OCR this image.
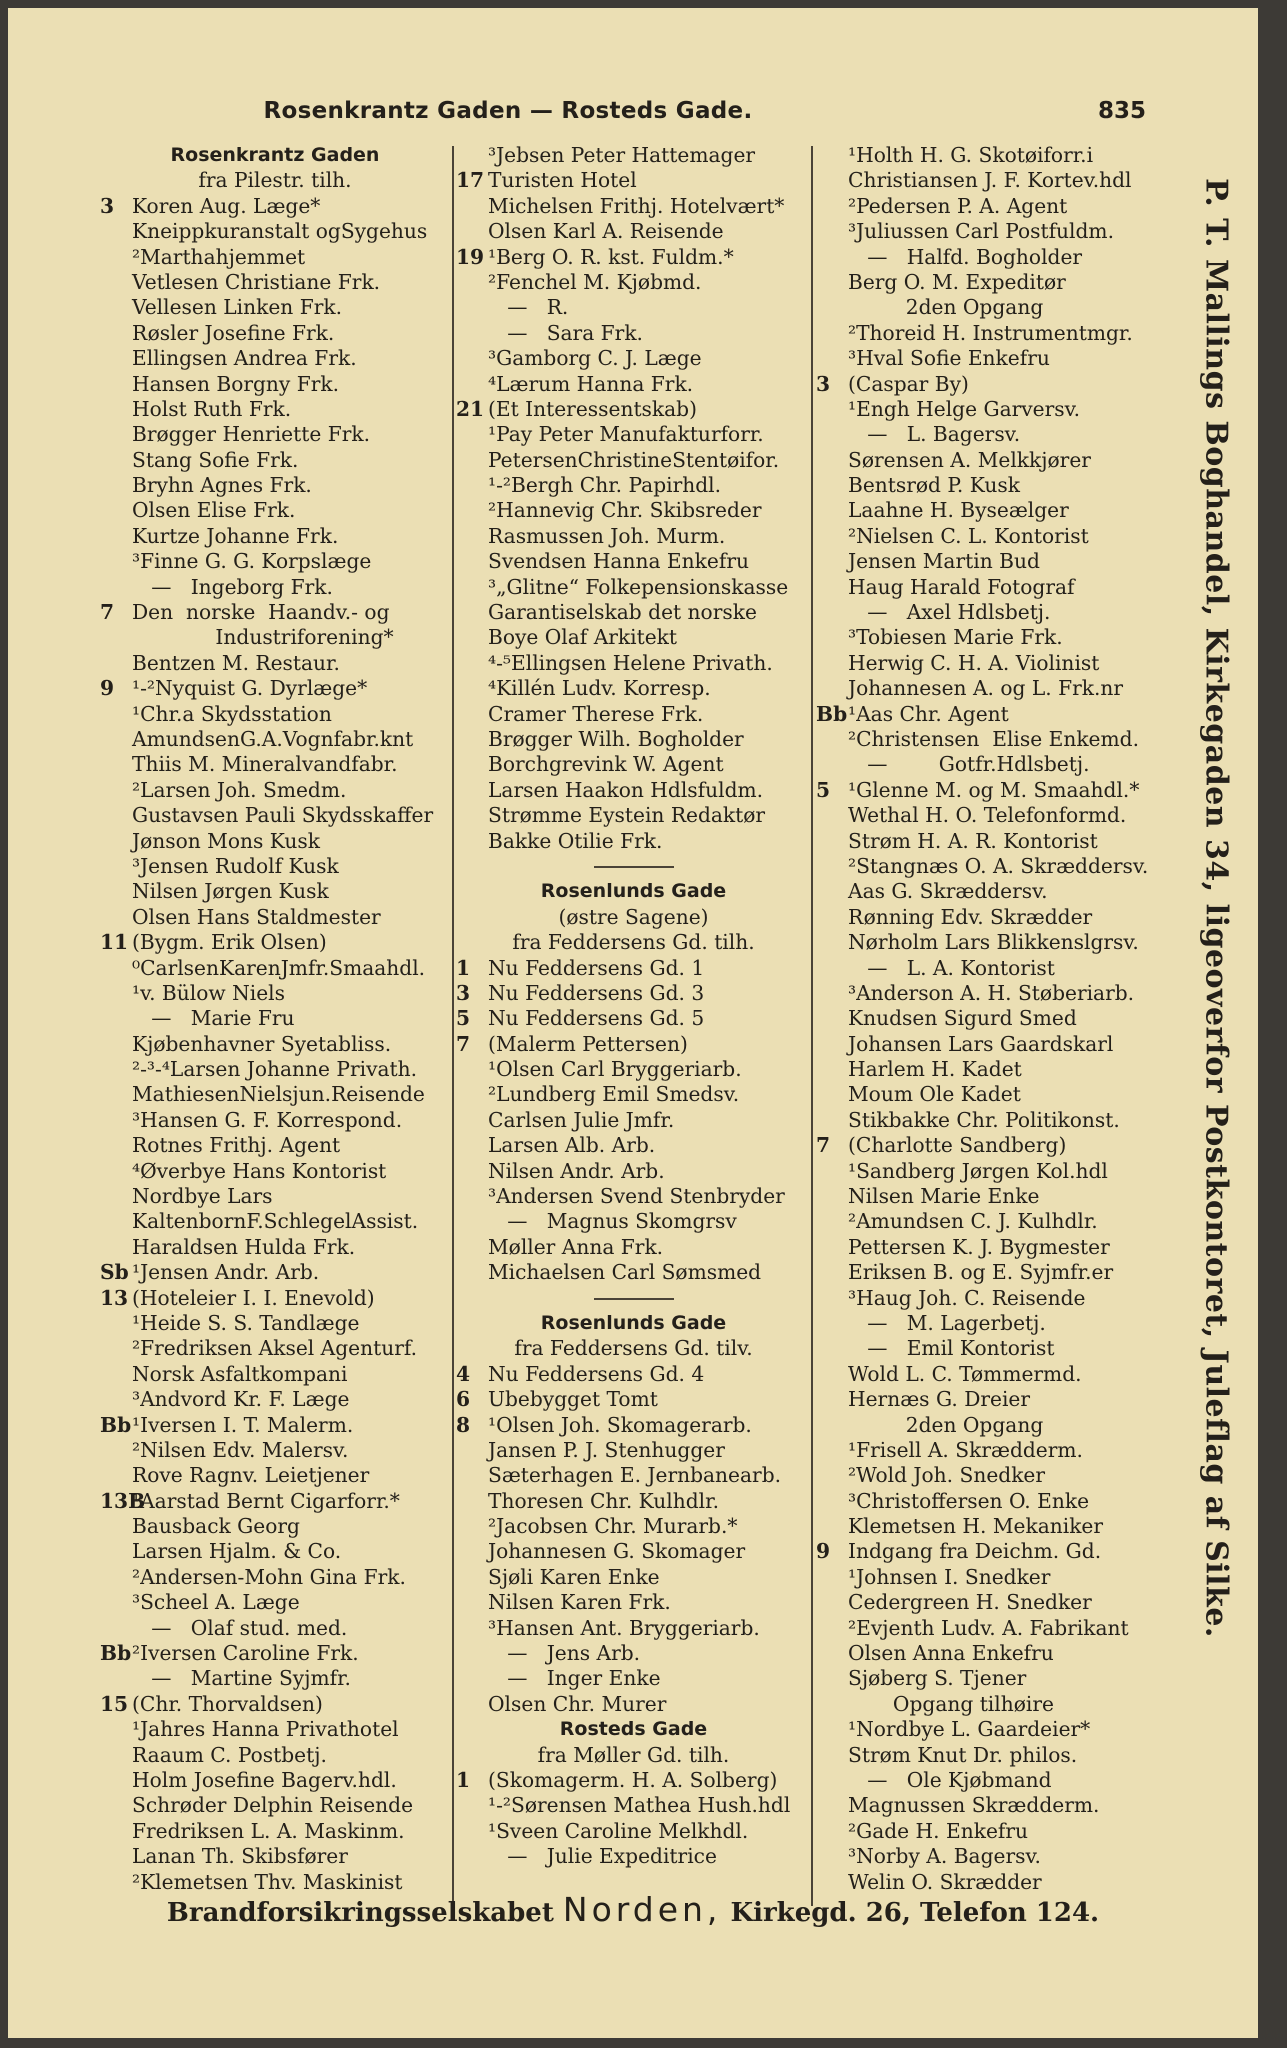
Rosenkrantz Gaden — Rosteds Gade.	835
Rosenkrantz Gaden
fra Pilestr. tilh.
3 Koren Aug. Læge*
Kneippkuranstalt ogSygehus
²Marthahjemmet
Vetlesen Christiane Frk.
Vellesen Linken Frk.
Røsler Josefine Frk.
Ellingsen Andrea Frk.
Hansen Borgny Frk.
Holst Ruth Frk.
Brøgger Henriette Frk.
Stang Sofie Frk.
Bryhn Agnes Frk.
Olsen Elise Frk.
Kurtze Johanne Frk.
³Finne G. G. Korpslæge
—   Ingeborg Frk.
7 Den  norske  Haandv.- og
Industriforening*
Bentzen M. Restaur.
9 ¹-²Nyquist G. Dyrlæge*
¹Chr.a Skydsstation
AmundsenG.A.Vognfabr.knt
Thiis M. Mineralvandfabr.
²Larsen Joh. Smedm.
Gustavsen Pauli Skydsskaffer
Jønson Mons Kusk
³Jensen Rudolf Kusk
Nilsen Jørgen Kusk
Olsen Hans Staldmester
11 (Bygm. Erik Olsen)
⁰CarlsenKarenJmfr.Smaahdl.
¹v. Bülow Niels
—   Marie Fru
Kjøbenhavner Syetabliss.
²-³-⁴Larsen Johanne Privath.
MathiesenNielsjun.Reisende
³Hansen G. F. Korrespond.
Rotnes Frithj. Agent
⁴Øverbye Hans Kontorist
Nordbye Lars
KaltenbornF.SchlegelAssist.
Haraldsen Hulda Frk.
Sb ¹Jensen Andr. Arb.
13 (Hoteleier I. I. Enevold)
¹Heide S. S. Tandlæge
²Fredriksen Aksel Agenturf.
Norsk Asfaltkompani
³Andvord Kr. F. Læge
Bb ¹Iversen I. T. Malerm.
²Nilsen Edv. Malersv.
Rove Ragnv. Leietjener
13B
¹Aarstad Bernt Cigarforr.*
Bausback Georg
Larsen Hjalm. & Co.
²Andersen-Mohn Gina Frk.
³Scheel A. Læge
—   Olaf stud. med.
Bb ²Iversen Caroline Frk.
—   Martine Syjmfr.
15 (Chr. Thorvaldsen)
¹Jahres Hanna Privathotel
Raaum C. Postbetj.
Holm Josefine Bagerv.hdl.
Schrøder Delphin Reisende
Fredriksen L. A. Maskinm.
Lanan Th. Skibsfører
²Klemetsen Thv. Maskinist
³Jebsen Peter Hattemager
17 Turisten Hotel
Michelsen Frithj. Hotelvært*
Olsen Karl A. Reisende
19 ¹Berg O. R. kst. Fuldm.*
²Fenchel M. Kjøbmd.
—   R.
—   Sara Frk.
³Gamborg C. J. Læge
⁴Lærum Hanna Frk.
21 (Et Interessentskab)
¹Pay Peter Manufakturforr.
PetersenChristineStentøifor.
¹-²Bergh Chr. Papirhdl.
²Hannevig Chr. Skibsreder
Rasmussen Joh. Murm.
Svendsen Hanna Enkefru
³„Glitne“ Folkepensionskasse
Garantiselskab det norske
Boye Olaf Arkitekt
⁴-⁵Ellingsen Helene Privath.
⁴Killén Ludv. Korresp.
Cramer Therese Frk.
Brøgger Wilh. Bogholder
Borchgrevink W. Agent
Larsen Haakon Hdlsfuldm.
Strømme Eystein Redaktør
Bakke Otilie Frk.
Rosenlunds Gade
(østre Sagene)
fra Feddersens Gd. tilh.
1 Nu Feddersens Gd. 1
3 Nu Feddersens Gd. 3
5 Nu Feddersens Gd. 5
7 (Malerm Pettersen)
¹Olsen Carl Bryggeriarb.
²Lundberg Emil Smedsv.
Carlsen Julie Jmfr.
Larsen Alb. Arb.
Nilsen Andr. Arb.
³Andersen Svend Stenbryder
—   Magnus Skomgrsv
Møller Anna Frk.
Michaelsen Carl Sømsmed
Rosenlunds Gade
fra Feddersens Gd. tilv.
4 Nu Feddersens Gd. 4
6 Ubebygget Tomt
8 ¹Olsen Joh. Skomagerarb.
Jansen P. J. Stenhugger
Sæterhagen E. Jernbanearb.
Thoresen Chr. Kulhdlr.
²Jacobsen Chr. Murarb.*
Johannesen G. Skomager
Sjøli Karen Enke
Nilsen Karen Frk.
³Hansen Ant. Bryggeriarb.
—   Jens Arb.
—   Inger Enke
Olsen Chr. Murer
Rosteds Gade
fra Møller Gd. tilh.
1 (Skomagerm. H. A. Solberg)
¹-²Sørensen Mathea Hush.hdl
¹Sveen Caroline Melkhdl.
—   Julie Expeditrice
¹Holth H. G. Skotøiforr.i
Christiansen J. F. Kortev.hdl
²Pedersen P. A. Agent
³Juliussen Carl Postfuldm.
—   Halfd. Bogholder
Berg O. M. Expeditør
2den Opgang
²Thoreid H. Instrumentmgr.
³Hval Sofie Enkefru
3 (Caspar By)
¹Engh Helge Garversv.
—   L. Bagersv.
Sørensen A. Melkkjører
Bentsrød P. Kusk
Laahne H. Byseælger
²Nielsen C. L. Kontorist
Jensen Martin Bud
Haug Harald Fotograf
—   Axel Hdlsbetj.
³Tobiesen Marie Frk.
Herwig C. H. A. Violinist
Johannesen A. og L. Frk.nr
Bb ¹Aas Chr. Agent
²Christensen  Elise Enkemd.
—        Gotfr.Hdlsbetj.
5 ¹Glenne M. og M. Smaahdl.*
Wethal H. O. Telefonformd.
Strøm H. A. R. Kontorist
²Stangnæs O. A. Skræddersv.
Aas G. Skræddersv.
Rønning Edv. Skrædder
Nørholm Lars Blikkenslgrsv.
—   L. A. Kontorist
³Anderson A. H. Støberiarb.
Knudsen Sigurd Smed
Johansen Lars Gaardskarl
Harlem H. Kadet
Moum Ole Kadet
Stikbakke Chr. Politikonst.
7 (Charlotte Sandberg)
¹Sandberg Jørgen Kol.hdl
Nilsen Marie Enke
²Amundsen C. J. Kulhdlr.
Pettersen K. J. Bygmester
Eriksen B. og E. Syjmfr.er
³Haug Joh. C. Reisende
—   M. Lagerbetj.
—   Emil Kontorist
Wold L. C. Tømmermd.
Hernæs G. Dreier
2den Opgang
¹Frisell A. Skrædderm.
²Wold Joh. Snedker
³Christoffersen O. Enke
Klemetsen H. Mekaniker
9 Indgang fra Deichm. Gd.
¹Johnsen I. Snedker
Cedergreen H. Snedker
²Evjenth Ludv. A. Fabrikant
Olsen Anna Enkefru
Sjøberg S. Tjener
Opgang tilhøire
¹Nordbye L. Gaardeier*
Strøm Knut Dr. philos.
—   Ole Kjøbmand
Magnussen Skrædderm.
²Gade H. Enkefru
³Norby A. Bagersv.
Welin O. Skrædder
P. T. Mallings Boghandel, Kirkegaden 34, ligeoverfor Postkontoret, Juleflag af Silke.
Brandforsikringsselskabet Norden, Kirkegd. 26, Telefon 124.
